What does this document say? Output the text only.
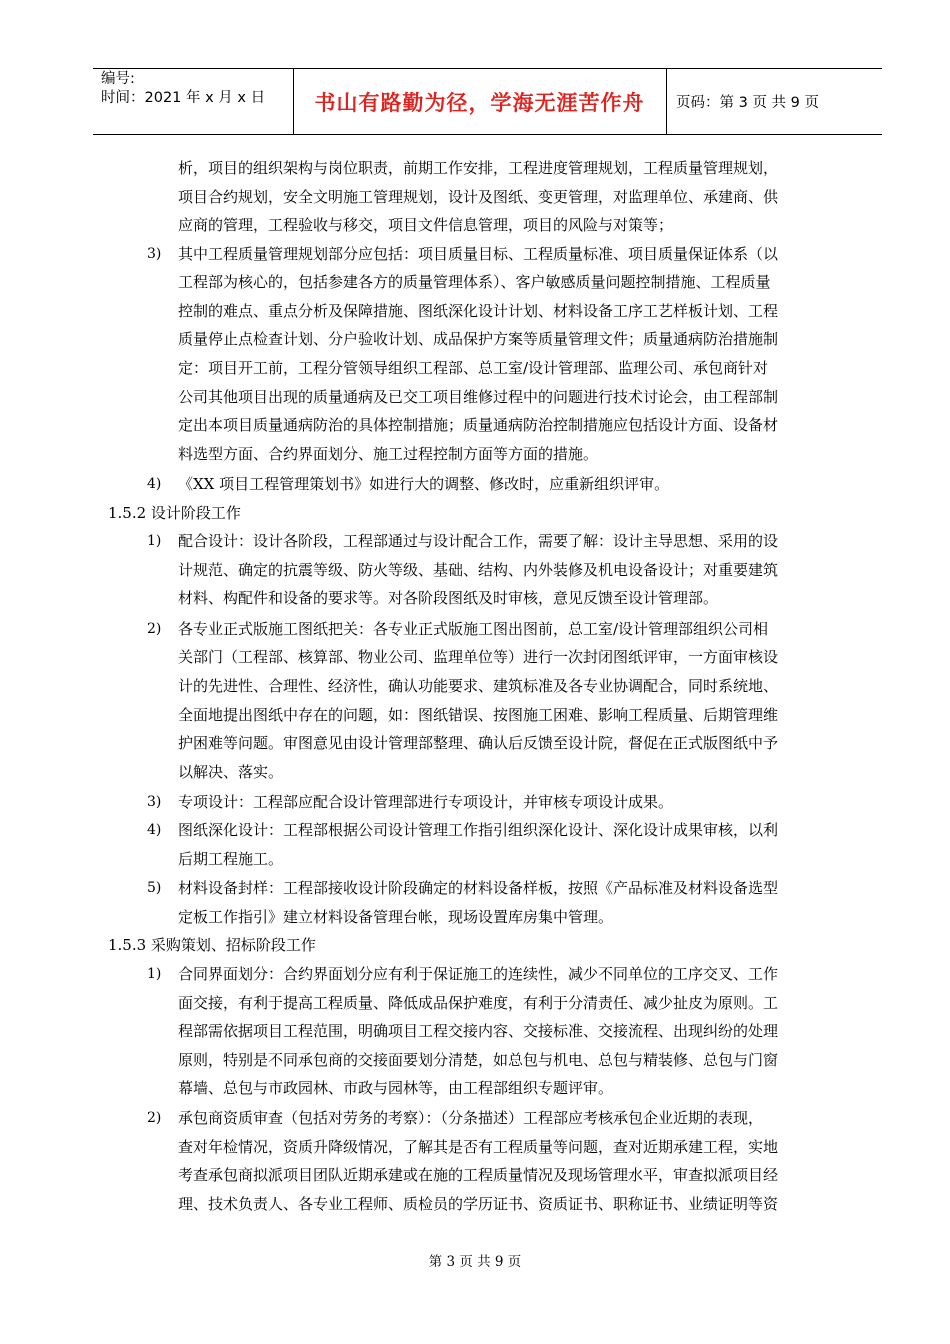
编号:
时间：2021 年 x 月 x 日	书山有路勤为径，学海无涯苦作舟	页码：第 3 页 共 9 页
析，项目的组织架构与岗位职责，前期工作安排，工程进度管理规划，工程质量管理规划，
项目合约规划，安全文明施工管理规划，设计及图纸、变更管理，对监理单位、承建商、供
应商的管理，工程验收与移交，项目文件信息管理，项目的风险与对策等；
3) 其中工程质量管理规划部分应包括：项目质量目标、工程质量标准、项目质量保证体系（以
工程部为核心的，包括参建各方的质量管理体系）、客户敏感质量问题控制措施、工程质量
控制的难点、重点分析及保障措施、图纸深化设计计划、材料设备工序工艺样板计划、工程
质量停止点检查计划、分户验收计划、成品保护方案等质量管理文件；质量通病防治措施制
定：项目开工前，工程分管领导组织工程部、总工室/设计管理部、监理公司、承包商针对
公司其他项目出现的质量通病及已交工项目维修过程中的问题进行技术讨论会，由工程部制
定出本项目质量通病防治的具体控制措施；质量通病防治控制措施应包括设计方面、设备材
料选型方面、合约界面划分、施工过程控制方面等方面的措施。
4) 《XX 项目工程管理策划书》如进行大的调整、修改时，应重新组织评审。
1.5.2 设计阶段工作
1) 配合设计：设计各阶段，工程部通过与设计配合工作，需要了解：设计主导思想、采用的设
计规范、确定的抗震等级、防火等级、基础、结构、内外装修及机电设备设计；对重要建筑
材料、构配件和设备的要求等。对各阶段图纸及时审核，意见反馈至设计管理部。
2) 各专业正式版施工图纸把关：各专业正式版施工图出图前，总工室/设计管理部组织公司相
关部门（工程部、核算部、物业公司、监理单位等）进行一次封闭图纸评审，一方面审核设
计的先进性、合理性、经济性，确认功能要求、建筑标准及各专业协调配合，同时系统地、
全面地提出图纸中存在的问题，如：图纸错误、按图施工困难、影响工程质量、后期管理维
护困难等问题。审图意见由设计管理部整理、确认后反馈至设计院，督促在正式版图纸中予
以解决、落实。
3) 专项设计：工程部应配合设计管理部进行专项设计，并审核专项设计成果。
4) 图纸深化设计：工程部根据公司设计管理工作指引组织深化设计、深化设计成果审核，以利
后期工程施工。
5) 材料设备封样：工程部接收设计阶段确定的材料设备样板，按照《产品标准及材料设备选型
定板工作指引》建立材料设备管理台帐，现场设置库房集中管理。
1.5.3 采购策划、招标阶段工作
1) 合同界面划分：合约界面划分应有利于保证施工的连续性，减少不同单位的工序交叉、工作
面交接，有利于提高工程质量、降低成品保护难度，有利于分清责任、减少扯皮为原则。工
程部需依据项目工程范围，明确项目工程交接内容、交接标准、交接流程、出现纠纷的处理
原则，特别是不同承包商的交接面要划分清楚，如总包与机电、总包与精装修、总包与门窗
幕墙、总包与市政园林、市政与园林等，由工程部组织专题评审。
2) 承包商资质审查（包括对劳务的考察）：（分条描述）工程部应考核承包企业近期的表现，
查对年检情况，资质升降级情况，了解其是否有工程质量等问题，查对近期承建工程，实地
考查承包商拟派项目团队近期承建或在施的工程质量情况及现场管理水平，审查拟派项目经
理、技术负责人、各专业工程师、质检员的学历证书、资质证书、职称证书、业绩证明等资
第 3 页 共 9 页
